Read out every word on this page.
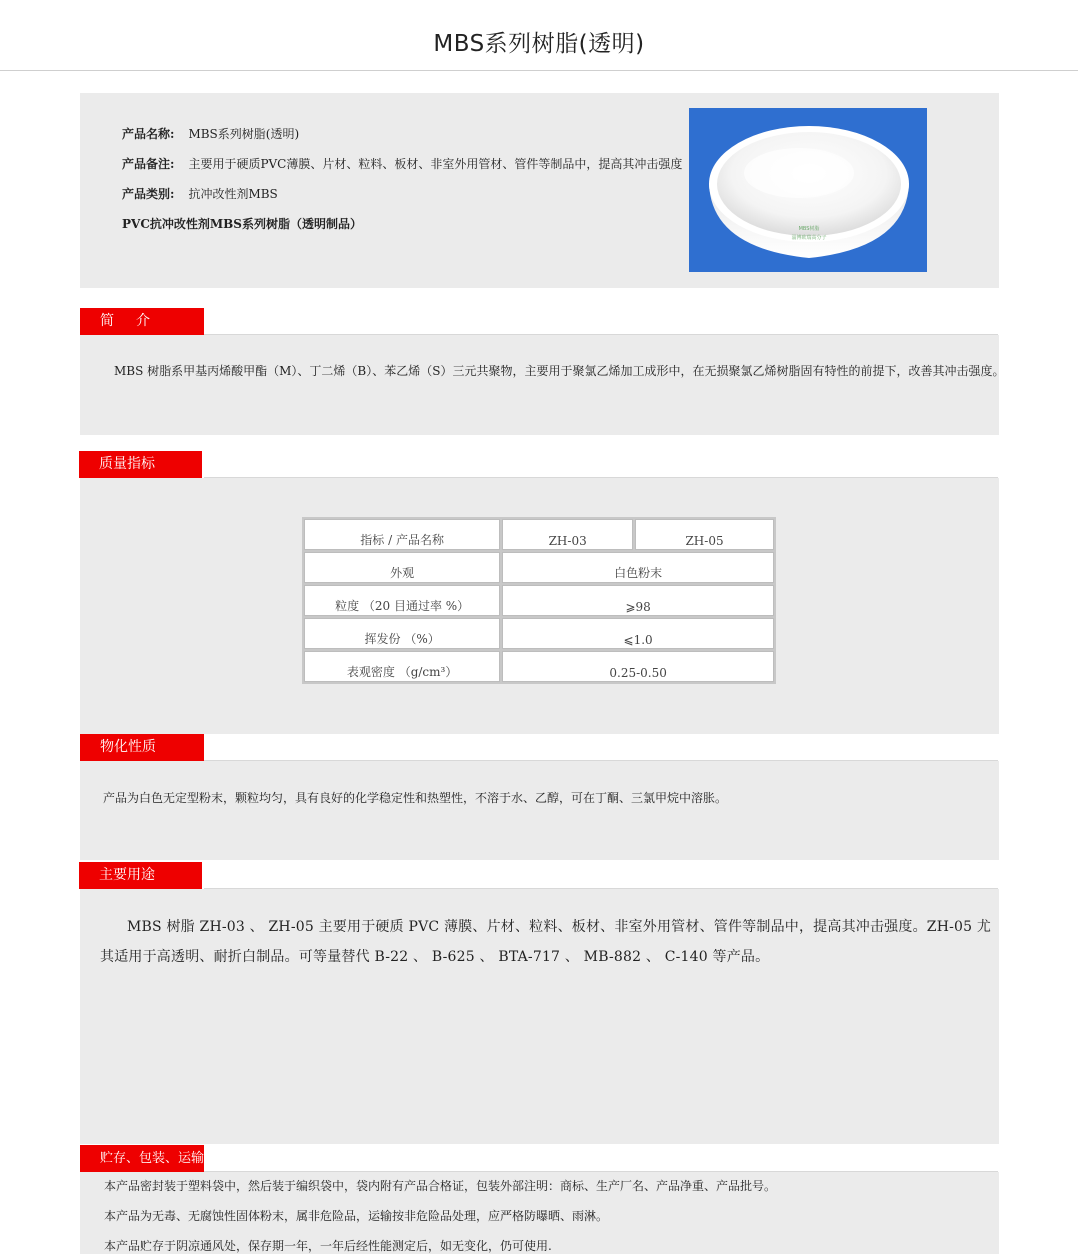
MBS系列树脂(透明)
产品名称: MBS系列树脂(透明)
产品备注: 主要用于硬质PVC薄膜、片材、粒料、板材、非室外用管材、管件等制品中，提高其冲击强度
产品类别: 抗冲改性剂MBS
PVC抗冲改性剂MBS系列树脂（透明制品）	MBS树脂
淄博欧瑞高分子
简　介
MBS 树脂系甲基丙烯酸甲酯（M）、丁二烯（B）、苯乙烯（S）三元共聚物，主要用于聚氯乙烯加工成形中，在无损聚氯乙烯树脂固有特性的前提下，改善其冲击强度。
质量指标
指标 / 产品名称	ZH-03	ZH-05
外观	白色粉末	
粒度 （20 目通过率 %）	⩾98	
挥发份 （%）	⩽1.0	
表观密度 （g/cm³）	0.25-0.50	
物化性质
产品为白色无定型粉末，颗粒均匀，具有良好的化学稳定性和热塑性，不溶于水、乙醇，可在丁酮、三氯甲烷中溶胀。
主要用途
MBS 树脂 ZH-03 、 ZH-05 主要用于硬质 PVC 薄膜、片材、粒料、板材、非室外用管材、管件等制品中，提高其冲击强度。ZH-05 尤其适用于高透明、耐折白制品。可等量替代 B-22 、 B-625 、 BTA-717 、 MB-882 、 C-140 等产品。
贮存、包装、运输
本产品密封装于塑料袋中，然后装于编织袋中，袋内附有产品合格证，包装外部注明：商标、生产厂名、产品净重、产品批号。
本产品为无毒、无腐蚀性固体粉末，属非危险品，运输按非危险品处理，应严格防曝晒、雨淋。
本产品贮存于阴凉通风处，保存期一年，一年后经性能测定后，如无变化，仍可使用.
